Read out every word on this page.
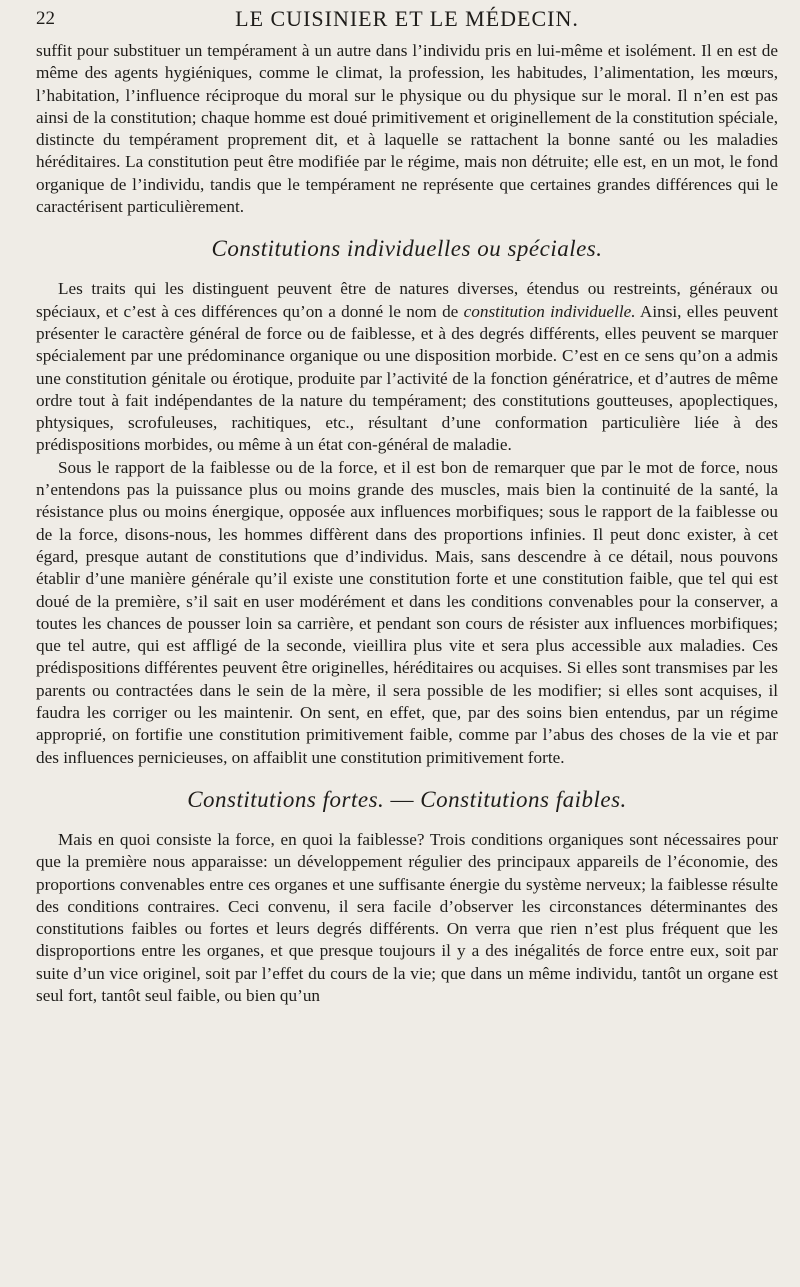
22	LE CUISINIER ET LE MÉDECIN.

suffit pour substituer un tempérament à un autre dans l’individu pris en lui-même et isolément. Il en est de même des agents hygiéniques, comme le climat, la profession, les habitudes, l’alimentation, les mœurs, l’habitation, l’influence réciproque du moral sur le physique ou du physique sur le moral. Il n’en est pas ainsi de la constitution; chaque homme est doué primitivement et originellement de la constitution spéciale, distincte du tempérament proprement dit, et à laquelle se rattachent la bonne santé ou les maladies héréditaires. La constitution peut être modifiée par le régime, mais non détruite; elle est, en un mot, le fond organique de l’individu, tandis que le tempérament ne représente que certaines grandes différences qui le caractérisent particulièrement.

Constitutions individuelles ou spéciales.

Les traits qui les distinguent peuvent être de natures diverses, étendus ou restreints, généraux ou spéciaux, et c’est à ces différences qu’on a donné le nom de constitution individuelle. Ainsi, elles peuvent présenter le caractère général de force ou de faiblesse, et à des degrés différents, elles peuvent se marquer spécialement par une prédominance organique ou une disposition morbide. C’est en ce sens qu’on a admis une constitution génitale ou érotique, produite par l’activité de la fonction génératrice, et d’autres de même ordre tout à fait indépendantes de la nature du tempérament; des constitutions goutteuses, apoplectiques, phtysiques, scrofuleuses, rachitiques, etc., résultant d’une conformation particulière liée à des prédispositions morbides, ou même à un état con-général de maladie.

Sous le rapport de la faiblesse ou de la force, et il est bon de remarquer que par le mot de force, nous n’entendons pas la puissance plus ou moins grande des muscles, mais bien la continuité de la santé, la résistance plus ou moins énergique, opposée aux influences morbifiques; sous le rapport de la faiblesse ou de la force, disons-nous, les hommes diffèrent dans des proportions infinies. Il peut donc exister, à cet égard, presque autant de constitutions que d’individus. Mais, sans descendre à ce détail, nous pouvons établir d’une manière générale qu’il existe une constitution forte et une constitution faible, que tel qui est doué de la première, s’il sait en user modérément et dans les conditions convenables pour la conserver, a toutes les chances de pousser loin sa carrière, et pendant son cours de résister aux influences morbifiques; que tel autre, qui est affligé de la seconde, vieillira plus vite et sera plus accessible aux maladies. Ces prédispositions différentes peuvent être originelles, héréditaires ou acquises. Si elles sont transmises par les parents ou contractées dans le sein de la mère, il sera possible de les modifier; si elles sont acquises, il faudra les corriger ou les maintenir. On sent, en effet, que, par des soins bien entendus, par un régime approprié, on fortifie une constitution primitivement faible, comme par l’abus des choses de la vie et par des influences pernicieuses, on affaiblit une constitution primitivement forte.

Constitutions fortes. — Constitutions faibles.

Mais en quoi consiste la force, en quoi la faiblesse? Trois conditions organiques sont nécessaires pour que la première nous apparaisse: un développement régulier des principaux appareils de l’économie, des proportions convenables entre ces organes et une suffisante énergie du système nerveux; la faiblesse résulte des conditions contraires. Ceci convenu, il sera facile d’observer les circonstances déterminantes des constitutions faibles ou fortes et leurs degrés différents. On verra que rien n’est plus fréquent que les disproportions entre les organes, et que presque toujours il y a des inégalités de force entre eux, soit par suite d’un vice originel, soit par l’effet du cours de la vie; que dans un même individu, tantôt un organe est seul fort, tantôt seul faible, ou bien qu’un
